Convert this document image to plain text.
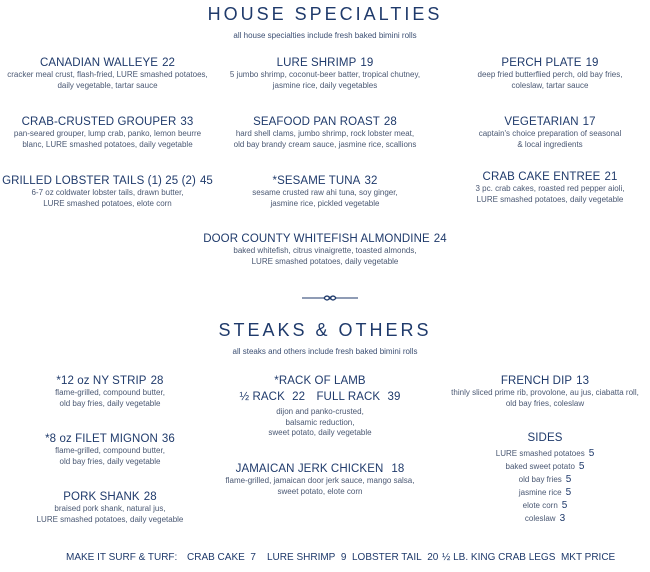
HOUSE SPECIALTIES
all house specialties include fresh baked bimini rolls
CANADIAN WALLEYE 22
cracker meal crust, flash-fried, LURE smashed potatoes,
daily vegetable, tartar sauce
LURE SHRIMP 19
5 jumbo shrimp, coconut-beer batter, tropical chutney,
jasmine rice, daily vegetables
PERCH PLATE 19
deep fried butterflied perch, old bay fries,
coleslaw, tartar sauce
CRAB-CRUSTED GROUPER 33
pan-seared grouper, lump crab, panko, lemon beurre
blanc, LURE smashed potatoes, daily vegetable
SEAFOOD PAN ROAST 28
hard shell clams, jumbo shrimp, rock lobster meat,
old bay brandy cream sauce, jasmine rice, scallions
VEGETARIAN 17
captain's choice preparation of seasonal
& local ingredients
GRILLED LOBSTER TAILS (1) 25 (2) 45
6-7 oz coldwater lobster tails, drawn butter,
LURE smashed potatoes, elote corn
*SESAME TUNA 32
sesame crusted raw ahi tuna, soy ginger,
jasmine rice, pickled vegetable
CRAB CAKE ENTREE 21
3 pc. crab cakes, roasted red pepper aioli,
LURE smashed potatoes, daily vegetable
DOOR COUNTY WHITEFISH ALMONDINE 24
baked whitefish, citrus vinaigrette, toasted almonds,
LURE smashed potatoes, daily vegetable
STEAKS & OTHERS
all steaks and others include fresh baked bimini rolls
*12 oz NY STRIP 28
flame-grilled, compound butter,
old bay fries, daily vegetable
*RACK OF LAMB
½ RACK 22 FULL RACK 39
dijon and panko-crusted,
balsamic reduction,
sweet potato, daily vegetable
FRENCH DIP 13
thinly sliced prime rib, provolone, au jus, ciabatta roll,
old bay fries, coleslaw
*8 oz FILET MIGNON 36
flame-grilled, compound butter,
old bay fries, daily vegetable
SIDES
LURE smashed potatoes 5
baked sweet potato 5
old bay fries 5
jasmine rice 5
elote corn 5
coleslaw 3
JAMAICAN JERK CHICKEN 18
flame-grilled, jamaican door jerk sauce, mango salsa,
sweet potato, elote corn
PORK SHANK 28
braised pork shank, natural jus,
LURE smashed potatoes, daily vegetable
MAKE IT SURF & TURF: CRAB CAKE 7 LURE SHRIMP 9 LOBSTER TAIL 20 ½ LB. KING CRAB LEGS MKT PRICE
